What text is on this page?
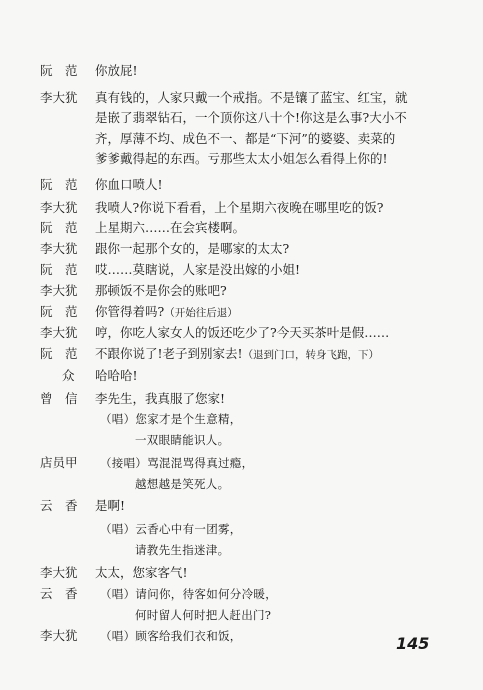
阮　范	你放屁!
李大犹	真有钱的，人家只戴一个戒指。不是镶了蓝宝、红宝，就
是嵌了翡翠钻石，一个顶你这八十个!你这是么事?大小不
齐，厚薄不均、成色不一、都是“下河”的婆婆、卖菜的
爹爹戴得起的东西。亏那些太太小姐怎么看得上你的!
阮　范	你血口喷人!
李大犹	我喷人?你说下看看，上个星期六夜晚在哪里吃的饭?
阮　范	上星期六……在会宾楼啊。
李大犹	跟你一起那个女的，是哪家的太太?
阮　范	哎……莫瞎说，人家是没出嫁的小姐!
李大犹	那顿饭不是你会的账吧?
阮　范	你管得着吗?（开始往后退）
李大犹	哼，你吃人家女人的饭还吃少了?今天买茶叶是假……
阮　范	不跟你说了!老子到别家去!（退到门口，转身飞跑，下）
众	哈哈哈!
曾　信	李先生，我真服了您家!
（唱）您家才是个生意精，
一双眼睛能识人。
店员甲	（接唱）骂混混骂得真过瘾，
越想越是笑死人。
云　香	是啊!
（唱）云香心中有一团雾，
请教先生指迷津。
李大犹	太太，您家客气!
云　香	（唱）请问你，待客如何分冷暖，
何时留人何时把人赶出门?
李大犹	（唱）顾客给我们衣和饭，	145
